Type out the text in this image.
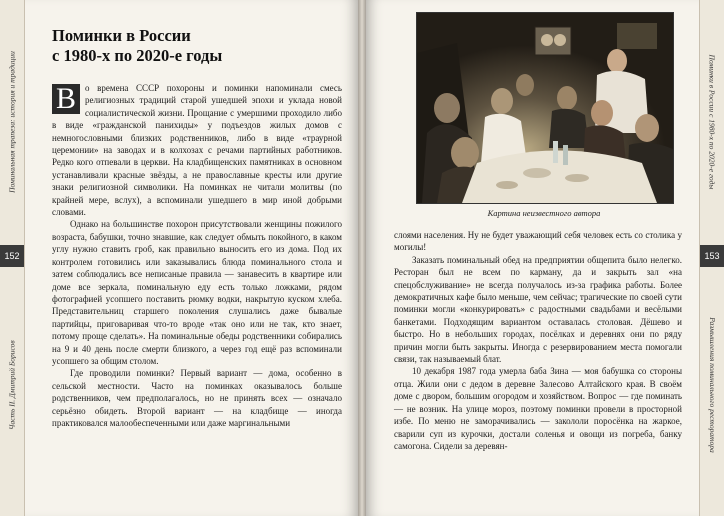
Поминальная трапеза: история и традиции
152
Часть II. Дмитрий Борисов
Поминки в России
с 1980-х по 2020-е годы

В	о времена СССР похороны и поминки напоминали смесь религиозных традиций старой ушедшей эпохи и уклада новой социалистической жизни. Прощание с умершими проходило либо в виде «гражданской панихиды» у подъездов жилых домов с немногословными близких родственников, либо в виде «траурной церемонии» на заводах и в колхозах с речами партийных работников. Редко кого отпевали в церкви. На кладбищенских памятниках в основном устанавливали красные звёзды, а не православные кресты или другие знаки религиозной символики. На поминках не читали молитвы (по крайней мере, вслух), а вспоминали ушедшего в мир иной добрыми словами.

Однако на большинстве похорон присутствовали женщины пожилого возраста, бабушки, точно знавшие, как следует обмыть покойного, в каком углу нужно ставить гроб, как правильно выносить его из дома. Под их контролем готовились или заказывались блюда поминального стола и затем соблюдались все неписаные правила — занавесить в квартире или доме все зеркала, поминальную еду есть только ложками, рядом фотографией усопшего поставить рюмку водки, накрытую куском хлеба. Представительниц старшего поколения слушались даже бывалые партийцы, приговаривая что-то вроде «так оно или не так, кто знает, потому проще сделать». На поминальные обеды родственники собирались на 9 и 40 день после смерти близкого, а через год ещё раз вспоминали усопшего за общим столом.

Где проводили поминки? Первый вариант — дома, особенно в сельской местности. Часто на поминках оказывалось больше родственников, чем предполагалось, но не принять всех — означало серьёзно обидеть. Второй вариант — на кладбище — иногда практиковался малообеспеченными или даже маргинальными

Поминки в России с 1980-х по 2020-е годы
153
Размышления поминального ресторатора
Картина неизвестного автора

слоями населения. Ну не будет уважающий себя человек есть со столика у могилы!

Заказать поминальный обед на предприятии общепита было нелегко. Ресторан был не всем по карману, да и закрыть зал «на спецобслуживание» не всегда получалось из-за графика работы. Более демократичных кафе было меньше, чем сейчас; трагические по своей сути поминки могли «конкурировать» с радостными свадьбами и весёлыми банкетами. Подходящим вариантом оставалась столовая. Дёшево и быстро. Но в небольших городах, посёлках и деревнях они по ряду причин могли быть закрыты. Иногда с резервированием места помогали связи, так называемый блат.

10 декабря 1987 года умерла баба Зина — моя бабушка со стороны отца. Жили они с дедом в деревне Залесово Алтайского края. В своём доме с двором, большим огородом и хозяйством. Вопрос — где поминать — не возник. На улице мороз, поэтому поминки провели в просторной избе. По меню не заморачивались — закололи поросёнка на жаркое, сварили суп из курочки, достали соленья и овощи из погреба, банку самогона. Сидели за деревян-
